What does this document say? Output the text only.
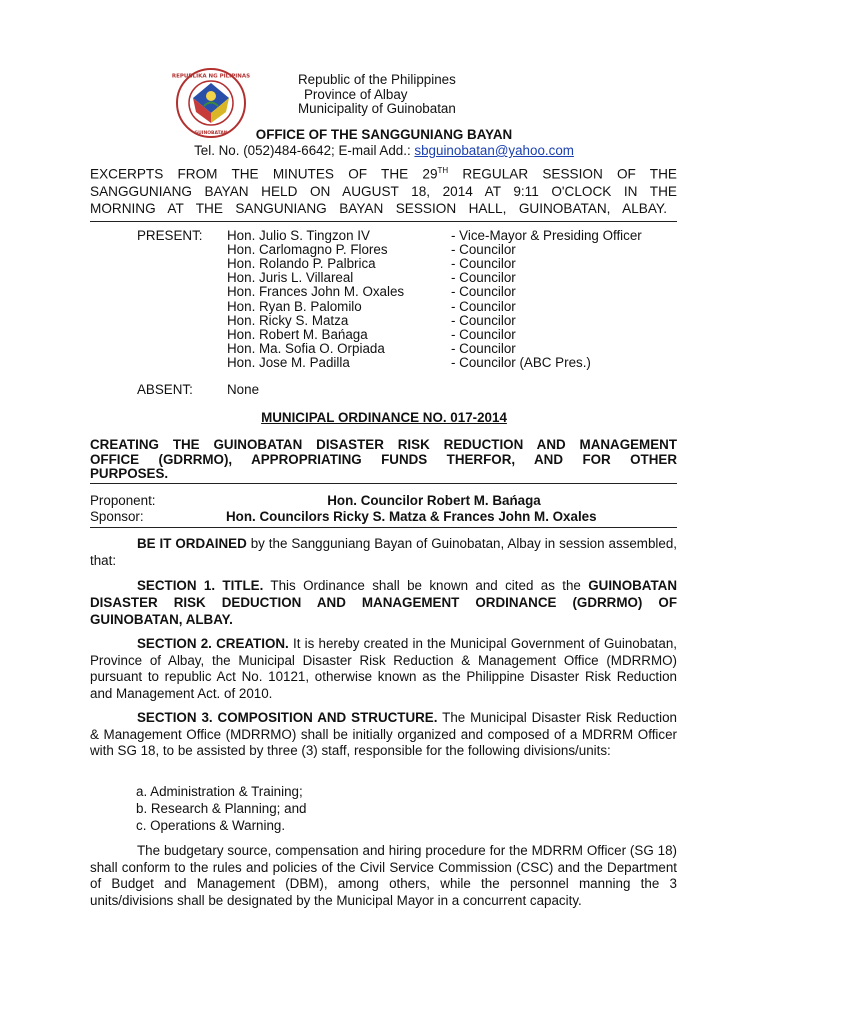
REPUBLIKA NG PILIPINAS
GUINOBATAN
Republic of the Philippines
Province of Albay
Municipality of Guinobatan
OFFICE OF THE SANGGUNIANG BAYAN
Tel. No. (052)484-6642; E-mail Add.: sbguinobatan@yahoo.com
EXCERPTS FROM THE MINUTES OF THE 29TH REGULAR SESSION OF THE
SANGGUNIANG BAYAN HELD ON AUGUST 18, 2014 AT 9:11 O'CLOCK IN THE
MORNING AT THE SANGUNIANG BAYAN SESSION HALL, GUINOBATAN, ALBAY.
PRESENT: Hon. Julio S. Tingzon IV	- Vice-Mayor & Presiding Officer
Hon. Carlomagno P. Flores	- Councilor
Hon. Rolando P. Palbrica	- Councilor
Hon. Juris L. Villareal	- Councilor
Hon. Frances John M. Oxales	- Councilor
Hon. Ryan B. Palomilo	- Councilor
Hon. Ricky S. Matza	- Councilor
Hon. Robert M. Bańaga	- Councilor
Hon. Ma. Sofia O. Orpiada	- Councilor
Hon. Jose M. Padilla	- Councilor (ABC Pres.)
ABSENT:	None
MUNICIPAL ORDINANCE NO. 017-2014
CREATING THE GUINOBATAN DISASTER RISK REDUCTION AND MANAGEMENT
OFFICE (GDRRMO), APPROPRIATING FUNDS THERFOR, AND FOR OTHER
PURPOSES.
Proponent:	Hon. Councilor Robert M. Bańaga
Sponsor:	Hon. Councilors Ricky S. Matza & Frances John M. Oxales

BE IT ORDAINED by the Sangguniang Bayan of Guinobatan, Albay in session assembled, that:

SECTION 1. TITLE. This Ordinance shall be known and cited as the GUINOBATAN DISASTER RISK DEDUCTION AND MANAGEMENT ORDINANCE (GDRRMO) OF GUINOBATAN, ALBAY.

SECTION 2. CREATION. It is hereby created in the Municipal Government of Guinobatan, Province of Albay, the Municipal Disaster Risk Reduction & Management Office (MDRRMO) pursuant to republic Act No. 10121, otherwise known as the Philippine Disaster Risk Reduction and Management Act. of 2010.

SECTION 3. COMPOSITION AND STRUCTURE. The Municipal Disaster Risk Reduction & Management Office (MDRRMO) shall be initially organized and composed of a MDRRM Officer with SG 18, to be assisted by three (3) staff, responsible for the following divisions/units:

a. Administration & Training;
b. Research & Planning; and
c. Operations & Warning.

The budgetary source, compensation and hiring procedure for the MDRRM Officer (SG 18) shall conform to the rules and policies of the Civil Service Commission (CSC) and the Department of Budget and Management (DBM), among others, while the personnel manning the 3 units/divisions shall be designated by the Municipal Mayor in a concurrent capacity.
